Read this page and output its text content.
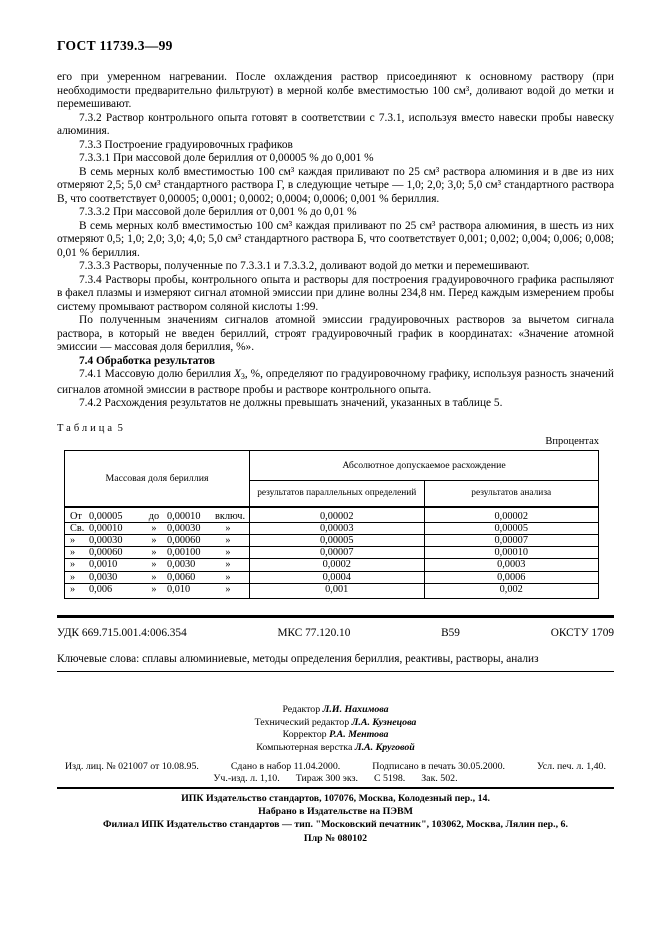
ГОСТ 11739.3—99

его при умеренном нагревании. После охлаждения раствор присоединяют к основному раствору (при необходимости предварительно фильтруют) в мерной колбе вместимостью 100 см³, доливают водой до метки и перемешивают.

7.3.2 Раствор контрольного опыта готовят в соответствии с 7.3.1, используя вместо навески пробы навеску алюминия.

7.3.3 Построение градуировочных графиков

7.3.3.1 При массовой доле бериллия от 0,00005 % до 0,001 %

В семь мерных колб вместимостью 100 см³ каждая приливают по 25 см³ раствора алюминия и в две из них отмеряют 2,5; 5,0 см³ стандартного раствора Г, в следующие четыре — 1,0; 2,0; 3,0; 5,0 см³ стандартного раствора В, что соответствует 0,00005; 0,0001; 0,0002; 0,0004; 0,0006; 0,001 % бериллия.

7.3.3.2 При массовой доле бериллия от 0,001 % до 0,01 %

В семь мерных колб вместимостью 100 см³ каждая приливают по 25 см³ раствора алюминия, в шесть из них отмеряют 0,5; 1,0; 2,0; 3,0; 4,0; 5,0 см³ стандартного раствора Б, что соответствует 0,001; 0,002; 0,004; 0,006; 0,008; 0,01 % бериллия.

7.3.3.3 Растворы, полученные по 7.3.3.1 и 7.3.3.2, доливают водой до метки и перемешивают.

7.3.4 Растворы пробы, контрольного опыта и растворы для построения градуировочного графика распыляют в факел плазмы и измеряют сигнал атомной эмиссии при длине волны 234,8 нм. Перед каждым измерением пробы систему промывают раствором соляной кислоты 1:99.

По полученным значениям сигналов атомной эмиссии градуировочных растворов за вычетом сигнала раствора, в который не введен бериллий, строят градуировочный график в координатах: «Значение атомной эмиссии — массовая доля бериллия, %».

7.4 Обработка результатов

7.4.1 Массовую долю бериллия Х3, %, определяют по градуировочному графику, используя разность значений сигналов атомной эмиссии в растворе пробы и растворе контрольного опыта.

7.4.2 Расхождения результатов не должны превышать значений, указанных в таблице 5.

Таблица 5
Впроцентах
Массовая доля бериллия	Абсолютное допускаемое расхождение	
	результатов параллельных определений	результатов анализа
От 0,00005 до 0,00010 включ.	0,00002	0,00002
Св. 0,00010 » 0,00030 »	0,00003	0,00005
» 0,00030 » 0,00060 »	0,00005	0,00007
» 0,00060 » 0,00100 »	0,00007	0,00010
» 0,0010 » 0,0030 »	0,0002	0,0003
» 0,0030 » 0,0060 »	0,0004	0,0006
» 0,006 » 0,010 »	0,001	0,002
УДК 669.715.001.4:006.354	МКС 77.120.10	В59	ОКСТУ 1709
Ключевые слова: сплавы алюминиевые, методы определения бериллия, реактивы, растворы, анализ
Редактор Л.И. Нахимова
Технический редактор Л.А. Кузнецова
Корректор Р.А. Ментова
Компьютерная верстка Л.А. Круговой
Изд. лиц. № 021007 от 10.08.95.	Сдано в набор 11.04.2000.	Подписано в печать 30.05.2000.	Усл. печ. л. 1,40.
Уч.-изд. л. 1,10. Тираж 300 экз. С 5198. Зак. 502.
ИПК Издательство стандартов, 107076, Москва, Колодезный пер., 14.
Набрано в Издательстве на ПЭВМ
Филиал ИПК Издательство стандартов — тип. "Московский печатник", 103062, Москва, Лялин пер., 6.
Плр № 080102
